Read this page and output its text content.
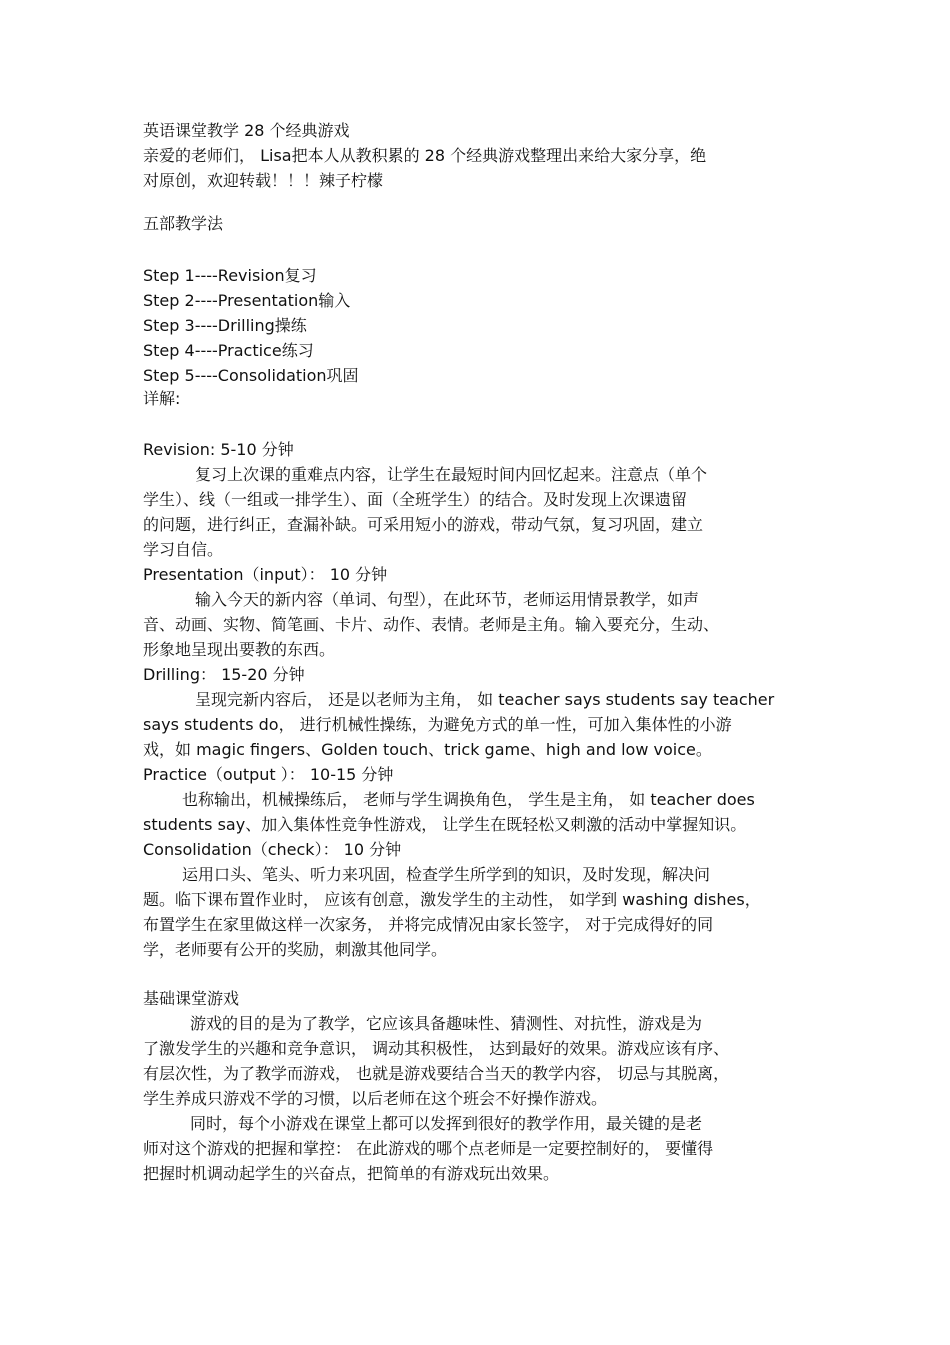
英语课堂教学 28 个经典游戏
亲爱的老师们， Lisa把本人从教积累的 28 个经典游戏整理出来给大家分享，绝
对原创，欢迎转载！！！辣子柠檬
五部教学法
Step 1----Revision复习
Step 2----Presentation输入
Step 3----Drilling操练
Step 4----Practice练习
Step 5----Consolidation巩固
详解:
Revision: 5-10 分钟
复习上次课的重难点内容，让学生在最短时间内回忆起来。注意点（单个
学生）、线（一组或一排学生）、面（全班学生）的结合。及时发现上次课遗留
的问题，进行纠正，查漏补缺。可采用短小的游戏，带动气氛，复习巩固，建立
学习自信。
Presentation（input）： 10 分钟
输入今天的新内容（单词、句型），在此环节，老师运用情景教学，如声
音、动画、实物、简笔画、卡片、动作、表情。老师是主角。输入要充分，生动、
形象地呈现出要教的东西。
Drilling： 15-20 分钟
呈现完新内容后， 还是以老师为主角， 如 teacher says students say teacher
says students do， 进行机械性操练，为避免方式的单一性，可加入集体性的小游
戏，如 magic fingers、Golden touch、trick game、high and low voice。
Practice（output ）： 10-15 分钟
也称输出，机械操练后， 老师与学生调换角色， 学生是主角， 如 teacher does
students say、加入集体性竞争性游戏， 让学生在既轻松又刺激的活动中掌握知识。
Consolidation（check）： 10 分钟
运用口头、笔头、听力来巩固，检查学生所学到的知识，及时发现，解决问
题。临下课布置作业时， 应该有创意，激发学生的主动性， 如学到 washing dishes，
布置学生在家里做这样一次家务， 并将完成情况由家长签字， 对于完成得好的同
学，老师要有公开的奖励，刺激其他同学。
基础课堂游戏
游戏的目的是为了教学，它应该具备趣味性、猜测性、对抗性，游戏是为
了激发学生的兴趣和竞争意识， 调动其积极性， 达到最好的效果。游戏应该有序、
有层次性，为了教学而游戏， 也就是游戏要结合当天的教学内容， 切忌与其脱离，
学生养成只游戏不学的习惯，以后老师在这个班会不好操作游戏。
同时，每个小游戏在课堂上都可以发挥到很好的教学作用，最关键的是老
师对这个游戏的把握和掌控： 在此游戏的哪个点老师是一定要控制好的， 要懂得
把握时机调动起学生的兴奋点，把简单的有游戏玩出效果。
